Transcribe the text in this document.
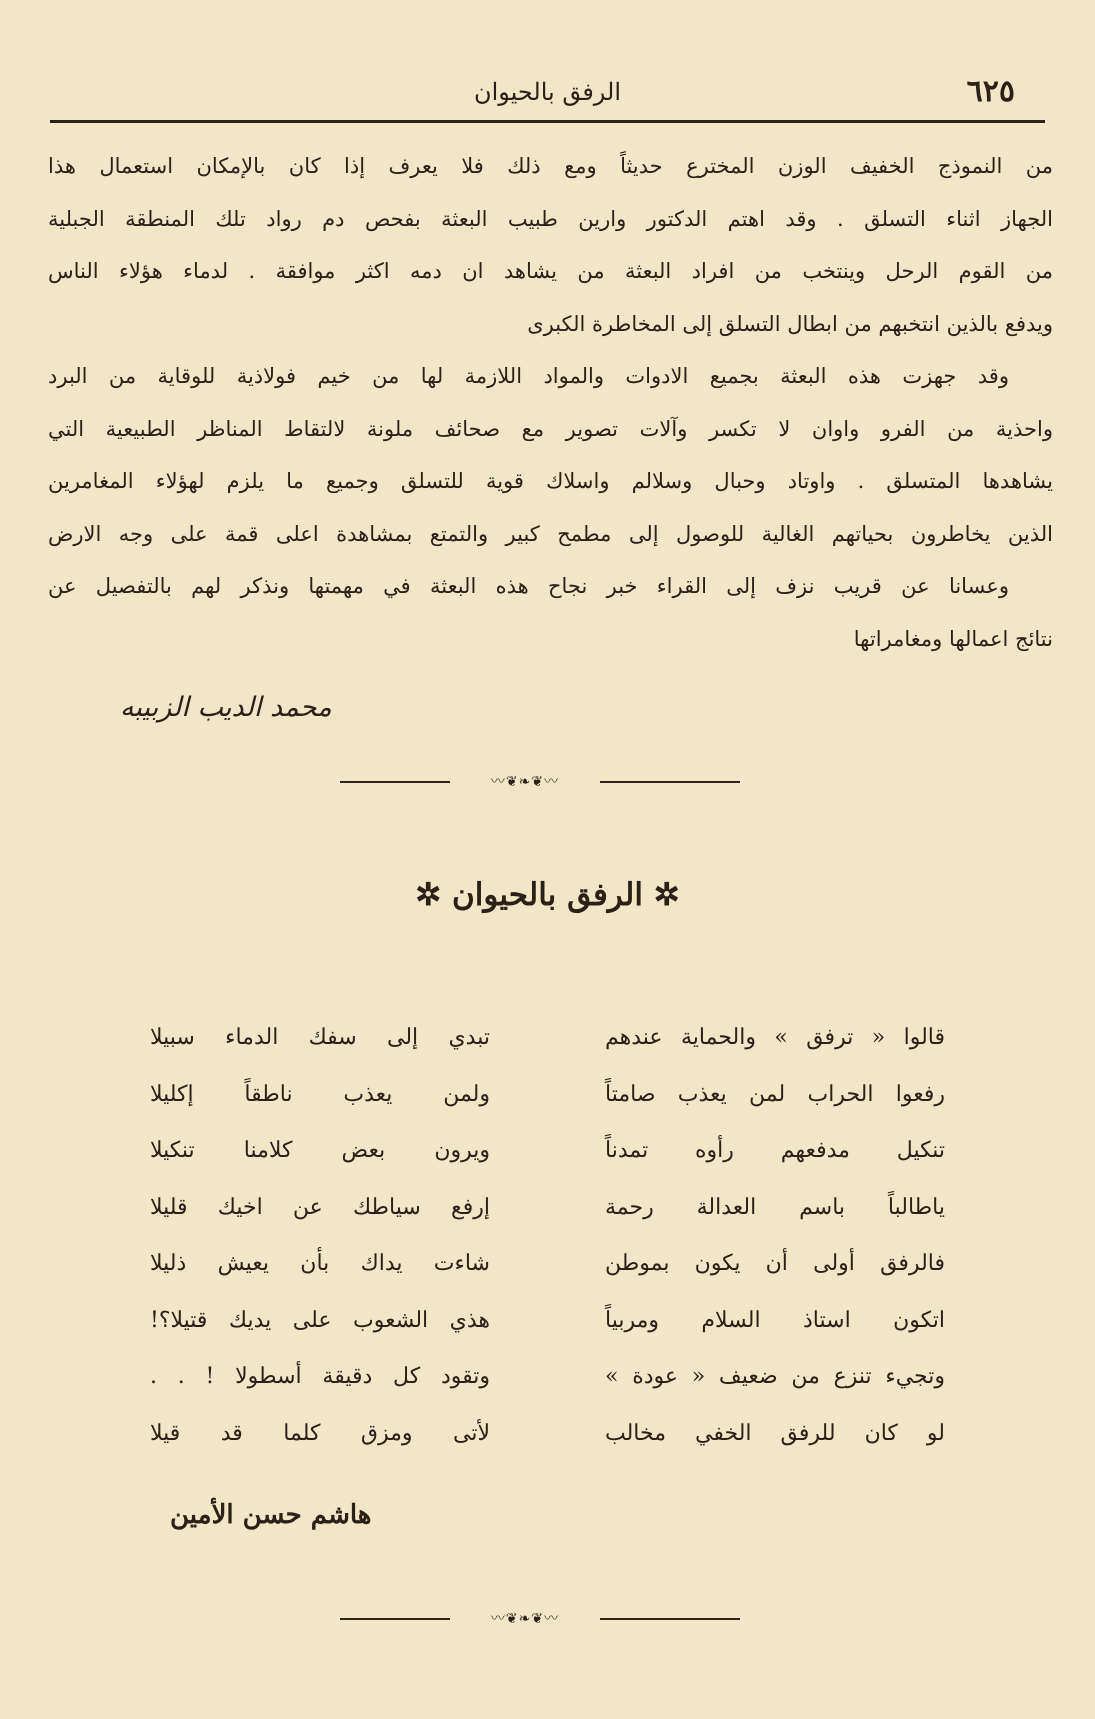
٦٢٥
الرفق بالحيوان
من النموذج الخفيف الوزن المخترع حديثاً ومع ذلك فلا يعرف إذا كان بالإمكان استعمال هذا
الجهاز اثناء التسلق . وقد اهتم الدكتور وارين طبيب البعثة بفحص دم رواد تلك المنطقة الجبلية
من القوم الرحل وينتخب من افراد البعثة من يشاهد ان دمه اكثر موافقة . لدماء هؤلاء الناس
ويدفع بالذين انتخبهم من ابطال التسلق إلى المخاطرة الكبرى
وقد جهزت هذه البعثة بجميع الادوات والمواد اللازمة لها من خيم فولاذية للوقاية من البرد
واحذية من الفرو واوان لا تكسر وآلات تصوير مع صحائف ملونة لالتقاط المناظر الطبيعية التي
يشاهدها المتسلق . واوتاد وحبال وسلالم واسلاك قوية للتسلق وجميع ما يلزم لهؤلاء المغامرين
الذين يخاطرون بحياتهم الغالية للوصول إلى مطمح كبير والتمتع بمشاهدة اعلى قمة على وجه الارض
وعسانا عن قريب نزف إلى القراء خبر نجاح هذه البعثة في مهمتها ونذكر لهم بالتفصيل عن
نتائج اعمالها ومغامراتها
محمد الديب الزبيبه
〰❦❧❦〰
✲ الرفق بالحيوان ✲
قالوا « ترفق » والحماية عندهم
تبدي إلى سفك الدماء سبيلا
رفعوا الحراب لمن يعذب صامتاً
ولمن يعذب ناطقاً إكليلا
تنكيل مدفعهم رأوه تمدناً
ويرون بعض كلامنا تنكيلا
ياطالباً باسم العدالة رحمة
إرفع سياطك عن اخيك قليلا
فالرفق أولى أن يكون بموطن
شاءت يداك بأن يعيش ذليلا
اتكون استاذ السلام ومربياً
هذي الشعوب على يديك قتيلا؟!
وتجيء تنزع من ضعيف « عودة »
وتقود كل دقيقة أسطولا ! . .
لو كان للرفق الخفي مخالب
لأتى ومزق كلما قد قيلا
هاشم حسن الأمين
〰❦❧❦〰
